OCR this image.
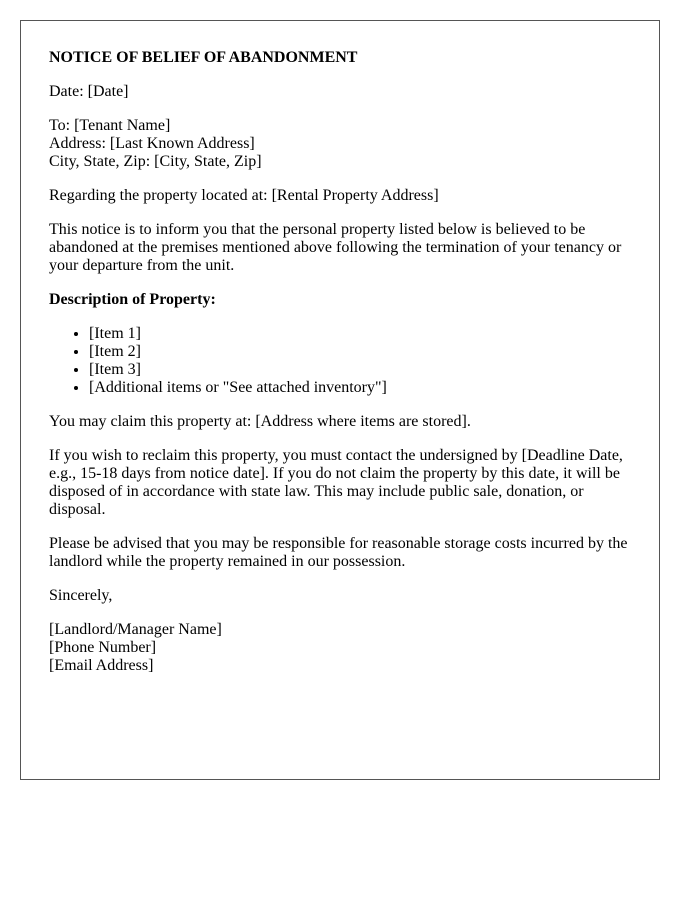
NOTICE OF BELIEF OF ABANDONMENT

Date: [Date]

To: [Tenant Name]
Address: [Last Known Address]
City, State, Zip: [City, State, Zip]

Regarding the property located at: [Rental Property Address]

This notice is to inform you that the personal property listed below is believed to be abandoned at the premises mentioned above following the termination of your tenancy or your departure from the unit.

Description of Property:
• [Item 1]
• [Item 2]
• [Item 3]
• [Additional items or "See attached inventory"]

You may claim this property at: [Address where items are stored].

If you wish to reclaim this property, you must contact the undersigned by [Deadline Date, e.g., 15-18 days from notice date]. If you do not claim the property by this date, it will be disposed of in accordance with state law. This may include public sale, donation, or disposal.

Please be advised that you may be responsible for reasonable storage costs incurred by the landlord while the property remained in our possession.

Sincerely,

[Landlord/Manager Name]
[Phone Number]
[Email Address]
